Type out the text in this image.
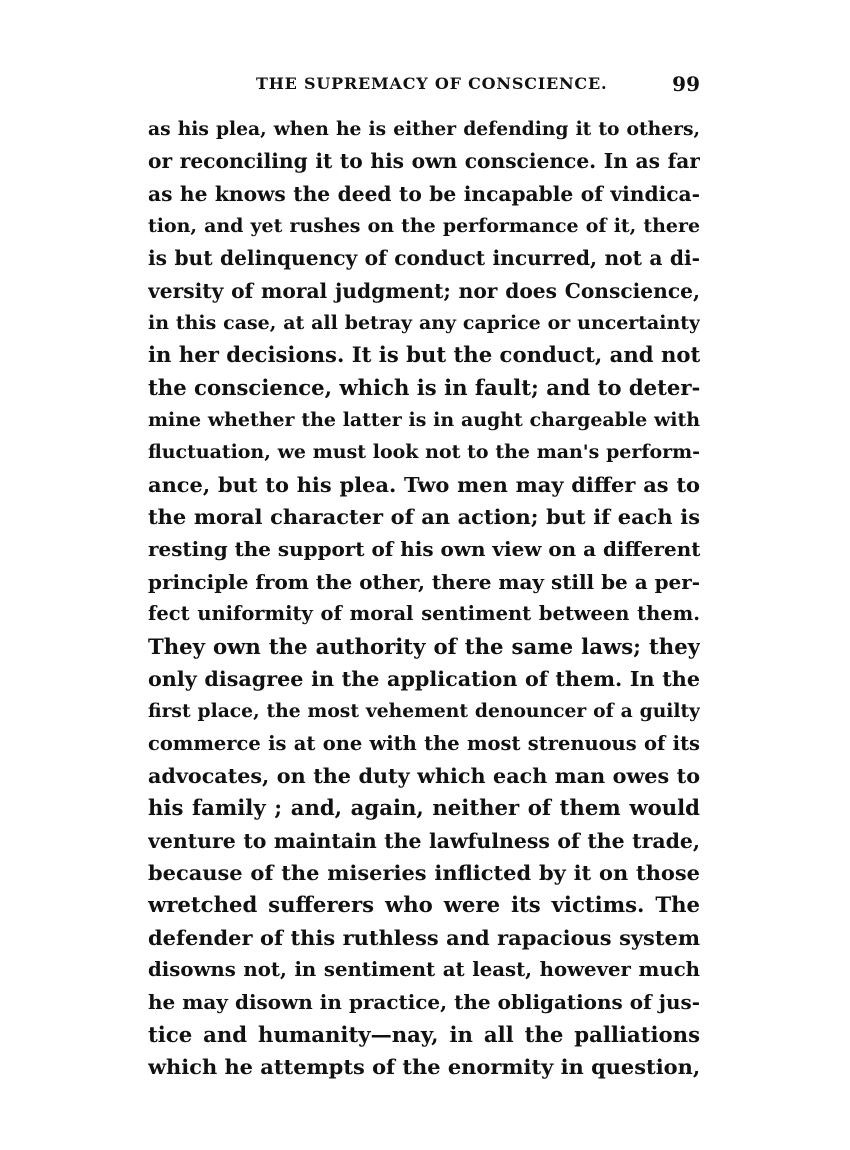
THE SUPREMACY OF CONSCIENCE.	99
as his plea, when he is either defending it to others,
or reconciling it to his own conscience. In as far
as he knows the deed to be incapable of vindica-
tion, and yet rushes on the performance of it, there
is but delinquency of conduct incurred, not a di-
versity of moral judgment; nor does Conscience,
in this case, at all betray any caprice or uncertainty
in her decisions. It is but the conduct, and not
the conscience, which is in fault; and to deter-
mine whether the latter is in aught chargeable with
fluctuation, we must look not to the man's perform-
ance, but to his plea. Two men may differ as to
the moral character of an action; but if each is
resting the support of his own view on a different
principle from the other, there may still be a per-
fect uniformity of moral sentiment between them.
They own the authority of the same laws; they
only disagree in the application of them. In the
first place, the most vehement denouncer of a guilty
commerce is at one with the most strenuous of its
advocates, on the duty which each man owes to
his family ; and, again, neither of them would
venture to maintain the lawfulness of the trade,
because of the miseries inflicted by it on those
wretched sufferers who were its victims. The
defender of this ruthless and rapacious system
disowns not, in sentiment at least, however much
he may disown in practice, the obligations of jus-
tice and humanity—nay, in all the palliations
which he attempts of the enormity in question,
